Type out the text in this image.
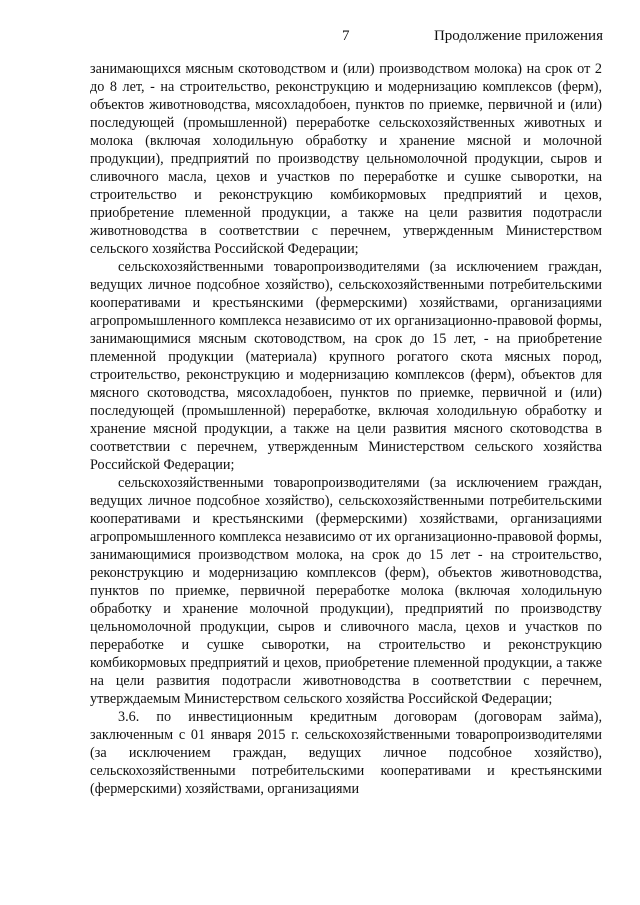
7	Продолжение приложения

занимающихся мясным скотоводством и (или) производством молока) на срок от 2 до 8 лет, - на строительство, реконструкцию и модернизацию комплексов (ферм), объектов животноводства, мясохладобоен, пунктов по приемке, первичной и (или) последующей (промышленной) переработке сельскохозяйственных животных и молока (включая холодильную обработку и хранение мясной и молочной продукции), предприятий по производству цельномолочной продукции, сыров и сливочного масла, цехов и участков по переработке и сушке сыворотки, на строительство и реконструкцию комбикормовых предприятий и цехов, приобретение племенной продукции, а также на цели развития подотрасли животноводства в соответствии с перечнем, утвержденным Министерством сельского хозяйства Российской Федерации;

сельскохозяйственными товаропроизводителями (за исключением граждан, ведущих личное подсобное хозяйство), сельскохозяйственными потребительскими кооперативами и крестьянскими (фермерскими) хозяйствами, организациями агропромышленного комплекса независимо от их организационно-правовой формы, занимающимися мясным скотоводством, на срок до 15 лет, - на приобретение племенной продукции (материала) крупного рогатого скота мясных пород, строительство, реконструкцию и модернизацию комплексов (ферм), объектов для мясного скотоводства, мясохладобоен, пунктов по приемке, первичной и (или) последующей (промышленной) переработке, включая холодильную обработку и хранение мясной продукции, а также на цели развития мясного скотоводства в соответствии с перечнем, утвержденным Министерством сельского хозяйства Российской Федерации;

сельскохозяйственными товаропроизводителями (за исключением граждан, ведущих личное подсобное хозяйство), сельскохозяйственными потребительскими кооперативами и крестьянскими (фермерскими) хозяйствами, организациями агропромышленного комплекса независимо от их организационно-правовой формы, занимающимися производством молока, на срок до 15 лет - на строительство, реконструкцию и модернизацию комплексов (ферм), объектов животноводства, пунктов по приемке, первичной переработке молока (включая холодильную обработку и хранение молочной продукции), предприятий по производству цельномолочной продукции, сыров и сливочного масла, цехов и участков по переработке и сушке сыворотки, на строительство и реконструкцию комбикормовых предприятий и цехов, приобретение племенной продукции, а также на цели развития подотрасли животноводства в соответствии с перечнем, утверждаемым Министерством сельского хозяйства Российской Федерации;

3.6. по инвестиционным кредитным договорам (договорам займа), заключенным с 01 января 2015 г. сельскохозяйственными товаропроизводителями (за исключением граждан, ведущих личное подсобное хозяйство), сельскохозяйственными потребительскими кооперативами и крестьянскими (фермерскими) хозяйствами, организациями
